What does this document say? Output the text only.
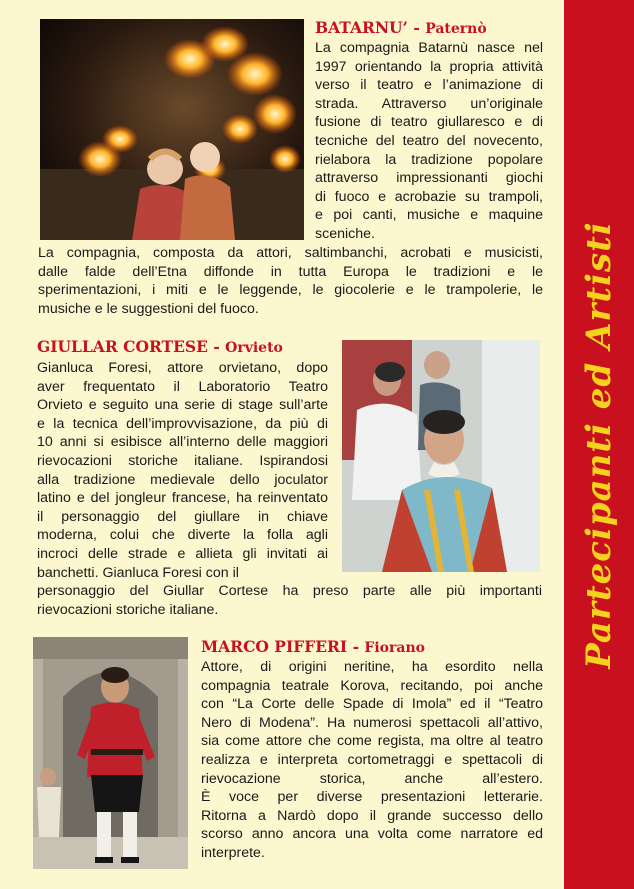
Partecipanti ed Artisti
BATARNU’ - Paternò
La compagnia Batarnù nasce nel
1997 orientando la propria attività
verso il teatro e l’animazione di
strada. Attraverso un’originale
fusione di teatro giullaresco e di
tecniche del teatro del novecento,
rielabora la tradizione popolare
attraverso impressionanti giochi
di fuoco e acrobazie su trampoli,
e poi canti, musiche e maquine
sceniche.
La compagnia, composta da attori, saltimbanchi, acrobati e musicisti,
dalle falde dell’Etna diffonde in tutta Europa le tradizioni e le
sperimentazioni, i miti e le leggende, le giocolerie e le trampolerie, le
musiche e le suggestioni del fuoco.
GIULLAR CORTESE - Orvieto
Gianluca Foresi, attore orvietano, dopo
aver frequentato il Laboratorio Teatro
Orvieto e seguito una serie di stage sull’arte
e la tecnica dell’improvvisazione, da più di
10 anni si esibisce all’interno delle maggiori
rievocazioni storiche italiane. Ispirandosi
alla tradizione medievale dello joculator
latino e del jongleur francese, ha reinventato
il personaggio del giullare in chiave
moderna, colui che diverte la folla agli
incroci delle strade e allieta gli invitati ai
banchetti. Gianluca Foresi con il
personaggio del Giullar Cortese ha preso parte alle più importanti
rievocazioni storiche italiane.
MARCO PIFFERI - Fiorano
Attore, di origini neritine, ha esordito nella
compagnia teatrale Korova, recitando, poi anche
con “La Corte delle Spade di Imola” ed il “Teatro
Nero di Modena”. Ha numerosi spettacoli all’attivo,
sia come attore che come regista, ma oltre al teatro
realizza e interpreta cortometraggi e spettacoli di
rievocazione storica, anche all’estero.
È voce per diverse presentazioni letterarie.
Ritorna a Nardò dopo il grande successo dello
scorso anno ancora una volta come narratore ed
interprete.
